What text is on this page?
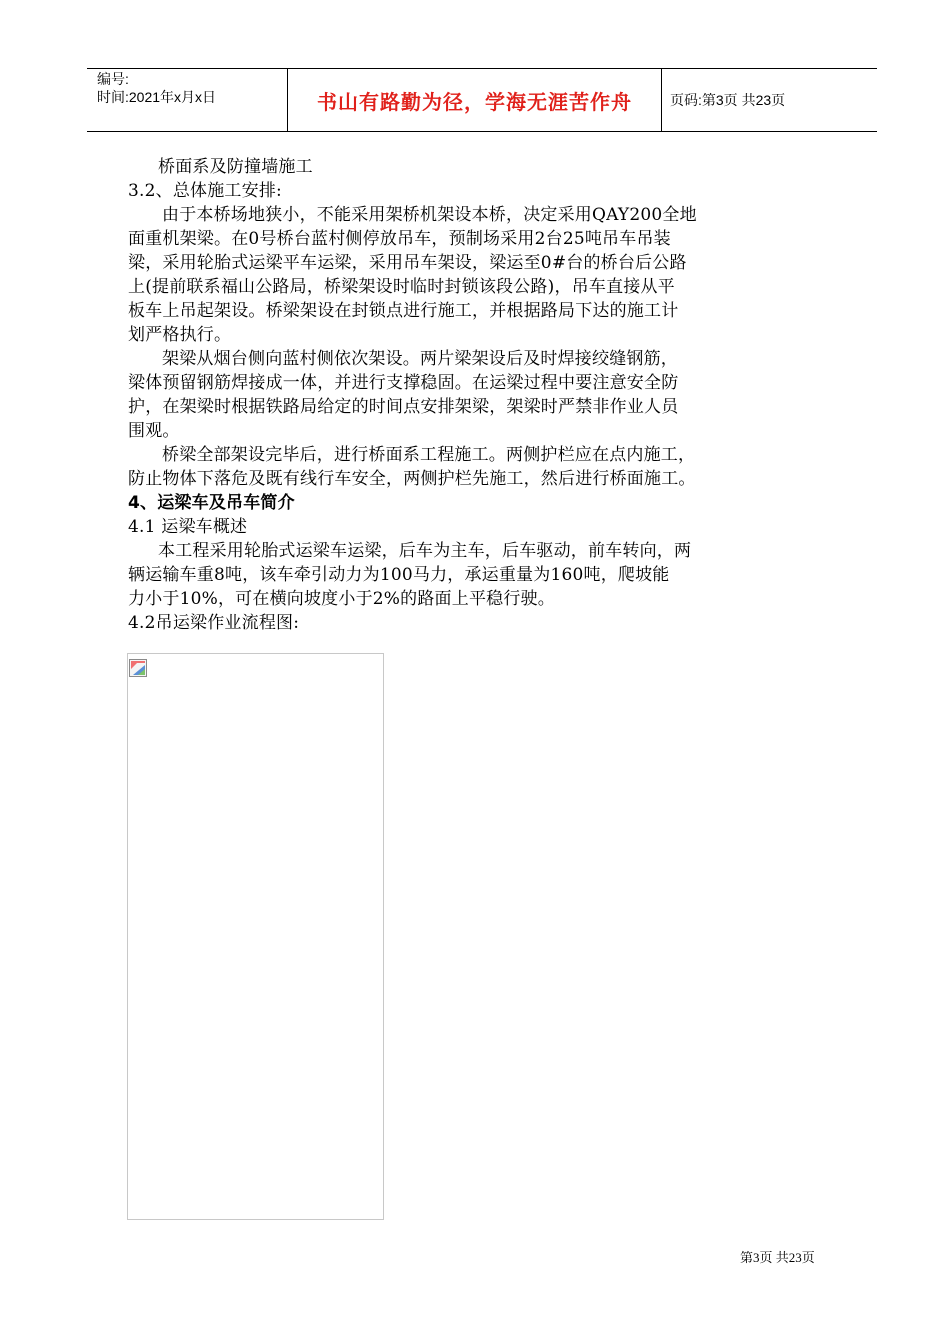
编号:
时间:2021年x月x日	书山有路勤为径，学海无涯苦作舟	页码:第3页 共23页

桥面系及防撞墙施工

3.2、总体施工安排:

由于本桥场地狭小，不能采用架桥机架设本桥，决定采用QAY200全地

面重机架梁。在0号桥台蓝村侧停放吊车，预制场采用2台25吨吊车吊装

梁，采用轮胎式运梁平车运梁，采用吊车架设，梁运至0#台的桥台后公路

上(提前联系福山公路局，桥梁架设时临时封锁该段公路)，吊车直接从平

板车上吊起架设。桥梁架设在封锁点进行施工，并根据路局下达的施工计

划严格执行。

架梁从烟台侧向蓝村侧依次架设。两片梁架设后及时焊接绞缝钢筋，

梁体预留钢筋焊接成一体，并进行支撑稳固。在运梁过程中要注意安全防

护，在架梁时根据铁路局给定的时间点安排架梁，架梁时严禁非作业人员

围观。

桥梁全部架设完毕后，进行桥面系工程施工。两侧护栏应在点内施工，

防止物体下落危及既有线行车安全，两侧护栏先施工，然后进行桥面施工。

4、运梁车及吊车简介

4.1 运梁车概述

本工程采用轮胎式运梁车运梁，后车为主车，后车驱动，前车转向，两

辆运输车重8吨，该车牵引动力为100马力，承运重量为160吨，爬坡能

力小于10%，可在横向坡度小于2%的路面上平稳行驶。

4.2吊运梁作业流程图:

第3页 共23页
